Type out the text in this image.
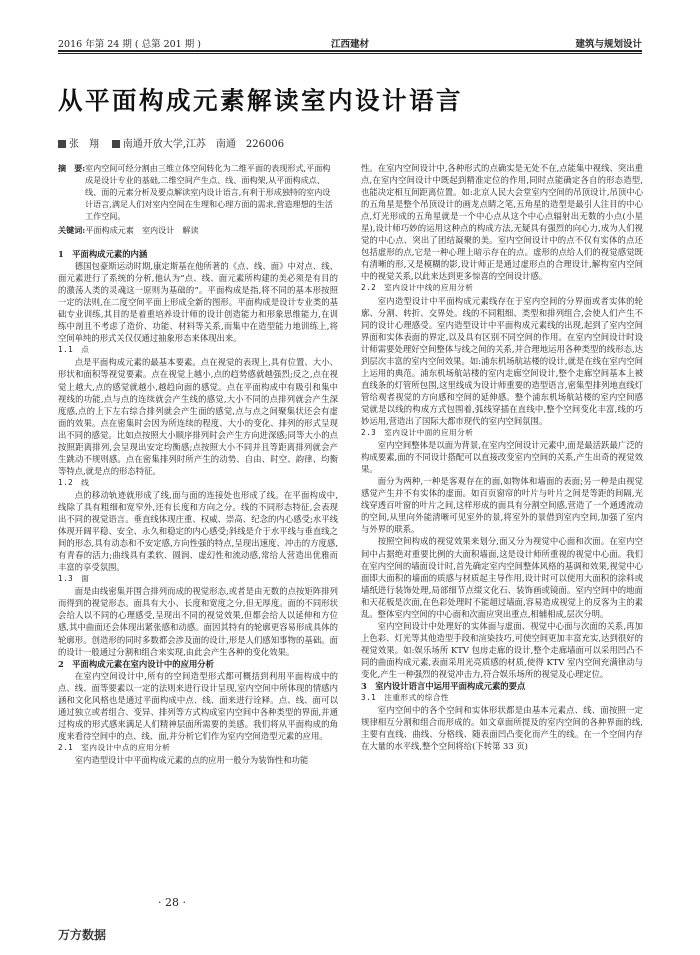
2016 年第 24 期 ( 总第 201 期 )	江西建材	建筑与规划设计
从平面构成元素解读室内设计语言
张　翔 南通开放大学,江苏　南通　226006
摘　要: 室内空间可经分割由三维立体空间转化为二维平面的表现形式,平面构成是设计专业的基础,二维空间产生点、线、面构架,从平面构成点、线、面的元素分析及要点解读室内设计语言,有利于形成独特的室内设计语言,满足人们对室内空间在生理和心理方面的需求,营造理想的生活工作空间。
关键词:平面构成元素　室内设计　解读

1　平面构成元素的内涵

德国包豪斯运动时期,康定斯基在他所著的《点、线、面》中对点、线、面元素进行了系统的分析,他认为“点、线、面元素所构建的美必须是有目的的激荡人类的灵魂这一原则为基础的”。平面构成是指,将不同的基本形按照一定的法则,在二度空间平面上形成全新的图形。平面构成是设计专业类的基础专业训练,其目的是着重培养设计师的设计创造能力和形象思维能力,在训练中剖且不考虑了造价、功能、材料等关系,而集中在造型能力地训练上,将空间单纯的形式关仅仅通过抽象形态来体现出来。

1.1　点

点是平面构成元素的最基本要素。点在视觉的表现上,具有位置、大小、形状和面积等视觉要素。点在视觉上越小,点的趋势感就越强烈;反之,点在视觉上越大,点的感觉就越小,越趋向面的感觉。点在平面构成中有吸引和集中视线的功能,点与点的连续就会产生线的感觉,大小不同的点排列就会产生深度感,点的上下左右综合排列就会产生面的感觉,点与点之间聚集状还会有虚面的效果。点在密集时会因为所连续的程度、大小的变化、排列的形式呈现出不同的感觉。比如点按照大小顺序排列时会产生方向进深感;同等大小的点按照距离排列,会呈现出安定均衡感;点按照大小不同并且等距离排列就会产生跳动不规则感。点在密集排列时所产生的动势、自由、时空、韵律、均衡等特点,就是点的形态特征。

1.2　线

点的移动轨迹就形成了线,面与面的连接处也形成了线。在平面构成中,线除了具有粗细和宽窄外,还有长度和方向之分。线的不同形态特征,会表现出不同的视觉语言。垂直线体现庄重、权威、崇高、纪念的内心感受;水平线体现开阔平稳、安全、永久和稳定的内心感受;斜线是介于水平线与垂直线之间的形态,具有动态和不安定感,方向性强的特点,呈现出速度、冲击的方度感,有青春的活力;曲线具有柔软、圆润、虚幻性和流动感,常给人营造出优雅而丰富的享受氛围。

1.3　面

面是由线密集并围合排列而成的视觉形态,或者是由无数的点按矩阵排列而得到的视觉形态。面具有大小、长度和宽度之分,但无厚度。面的不同形状会给人以不同的心理感受,呈现出不同的视觉效果,但都会给人以延伸和方位感,其中曲面还会体现出紧张感和动感。面因其特有的轮廓更容易形成具体的轮廓形。创造形的同时多数都会涉及面的设计,形是人们感知事物的基础。面的设计一般通过分割和组合来实现,由此会产生各种的变化效果。

2　平面构成元素在室内设计中的应用分析

在室内空间设计中,所有的空间造型形式都可概括到利用平面构成中的点、线、面等要素以一定的法则来进行设计呈现,室内空间中所体现的情感内涵和文化风格也是通过平面构成中点、线、面来进行诠释。点、线、面可以通过独立或者组合、变异、排列等方式构成室内空间中各种类型的界面,并通过构成的形式感来满足人们精神层面所需要的美感。我们将从平面构成的角度来看待空间中的点、线、面,并分析它们作为室内空间造型元素的应用。

2.1　室内设计中点的应用分析

室内造型设计中平面构成元素的点的应用一般分为装饰性和功能

性。在室内空间设计中,各种形式的点确实是无处不在,点能集中视线、突出重点,在室内空间设计中既起到精准定位的作用,同时点能确定各自的形态造型,也能决定相互间距离位置。如:北京人民大会堂室内空间的吊顶设计,吊顶中心的五角星是整个吊顶设计的画龙点睛之笔,五角星的造型是最引人注目的中心点,灯光形成的五角星就是一个中心点从这个中心点辐射出无数的小点(小星星),设计师巧妙的运用这种点的构成方法,无疑具有强烈的向心力,成为人们视觉的中心点、突出了团结凝聚的美。室内空间设计中的点不仅有实体的点还包括虚形的点,它是一种心理上暗示存在的点。虚形的点给人们的视觉感觉既有清晰的形,又是模糊的影,设计师正是通过虚形点的合理设计,解构室内空间中的视觉关系,以此来达到更多惊喜的空间设计感。

2.2　室内设计中线的应用分析

室内造型设计中平面构成元素线存在于室内空间的分界面或者实体的轮廓、分割、转折、交界处。线的不同粗细、类型和排列组合,会使人们产生不同的设计心理感受。室内造型设计中平面构成元素线的出现,起到了室内空间界面和实体表面的界定,以及具有区别不同空间的作用。在室内空间设计时设计师需要处理好空间整体与线之间的关系,并合理地运用各种类型的线形态,达到层次丰富的室内空间效果。如:浦东机场航站楼的设计,就是在线在室内空间上运用的典范。浦东机场航站楼的室内走廊空间设计,整个走廊空间基本上被直线条的灯管所包围,这里线成为设计师重要的造型语言,密集型排列地直线灯管给观者视觉的方向感和空间的延伸感。整个浦东机场航站楼的室内空间感觉就是以线的构成方式包围着,弧线穿插在直线中,整个空间变化丰富,线的巧妙运用,营造出了国际大都市现代的室内空间氛围。

2.3　室内设计中面的应用分析

室内空间整体是以面为背景,在室内空间设计元素中,面是最活跃最广泛的构成要素,面的不同设计搭配可以直接改变室内空间的关系,产生出奇的视觉效果。

面分为两种,一种是客观存在的面,如物体和墙面的表面;另一种是由视觉感觉产生并不有实体的虚面。如百页窗帘的叶片与叶片之间是等距的间隔,光线穿透百叶窗的叶片之间,这样形成的面具有分割空间感,营造了一个通透流动的空间,从里向外能清晰可见室外的景,将室外的景借到室内空间,加强了室内与外界的联系。

按照空间构成的视觉效果来划分,面又分为视觉中心面和次面。在室内空间中占据绝对重要比例的大面积墙面,这是设计师所重视的视觉中心面。我们在室内空间的墙面设计时,首先确定室内空间整体风格的基调和效果,视觉中心面即大面积的墙面的质感与材质起主导作用,设计时可以使用大面积的涂料或墙纸进行装饰处理,局部细节点缀文化石、装饰画或镜面。室内空间中的地面和天花板是次面,在色彩处理时不能超过墙面,容易造成视觉上的反客为主的素乱。整体室内空间的中心面和次面应突出重点,相辅相成,层次分明。

室内空间设计中处理好的实体面与虚面、视觉中心面与次面的关系,再加上色彩、灯光等其他造型手段和渲染技巧,可使空间更加丰富充实,达到很好的视觉效果。如:娱乐场所 KTV 包房走廊的设计,整个走廊墙面可以采用凹凸不同的曲面构成元素,表面采用光亮质感的材质,使得 KTV 室内空间充满律动与变化,产生一种强烈的视觉冲击力,符合娱乐场所的视觉及心理定位。

3　室内设计语言中运用平面构成元素的要点

3.1　注重形式的综合性

室内空间中的各个空间和实体形状都是由基本元素点、线、面按照一定规律相互分割和组合而形成的。如文章面所提及的室内空间的各种界面的线,主要有直线、曲线、分格线、随表面凹凸变化而产生的线。在一个空间内存在大量的水平线,整个空间将给(下转第 33 页)

· 28 ·
万方数据
